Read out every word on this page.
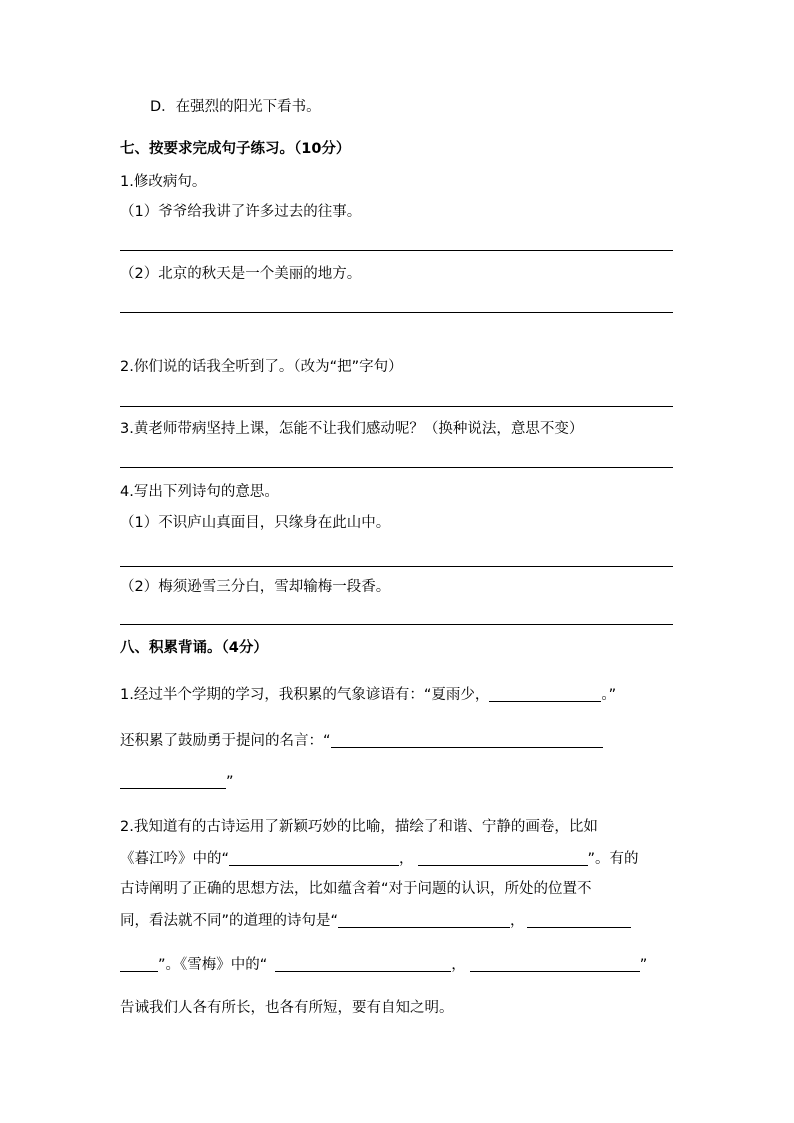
D．在强烈的阳光下看书。
七、按要求完成句子练习。（10分）
1.修改病句。
（1）爷爷给我讲了许多过去的往事。
（2）北京的秋天是一个美丽的地方。
2.你们说的话我全听到了。（改为“把”字句）
3.黄老师带病坚持上课，怎能不让我们感动呢？（换种说法，意思不变）
4.写出下列诗句的意思。
（1）不识庐山真面目，只缘身在此山中。
（2）梅须逊雪三分白，雪却输梅一段香。
八、积累背诵。（4分）
1.经过半个学期的学习，我积累的气象谚语有：“夏雨少，	。”
还积累了鼓励勇于提问的名言：“
”
2.我知道有的古诗运用了新颖巧妙的比喻，描绘了和谐、宁静的画卷，比如
《暮江吟》中的“	，	”。有的
古诗阐明了正确的思想方法，比如蕴含着“对于问题的认识，所处的位置不
同，看法就不同”的道理的诗句是“	，
”。《雪梅》中的“	，	”
告诫我们人各有所长，也各有所短，要有自知之明。
